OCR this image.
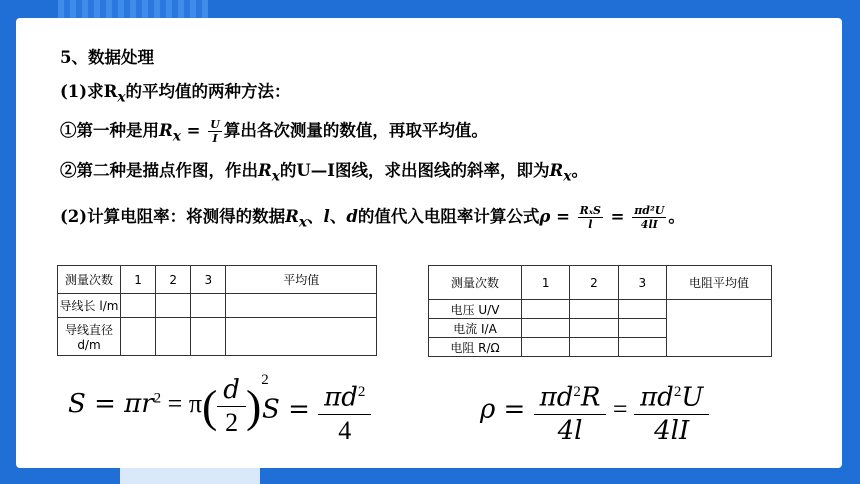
5、数据处理
(1)求$R_x$的平均值的两种方法：
①第一种是用$R_x = \frac{U}{I}$ 算出各次测量的数值，再取平均值。
②第二种是描点作图，作出$R_x$的U—I图线，求出图线的斜率，即为$R_x$。
(2)计算电阻率：将测得的数据$R_x$、l、d的值代入电阻率计算公式$\rho = \frac{\text{RₓS}}{l} = \frac{\text{πd²U}}{4lI}$ 。
测量次数	1	2	3	平均值
导线长 l/m				
导线直径 d/m				
测量次数	1	2	3	电阻平均值
电压 U/V				
电流 I/A				
电阻 R/Ω				
$S = \pi r^2 = \pi( \frac{d}{2} )^2$
$S = \frac{\pi d^2}{4}$	$\rho = \frac{\pi d^2R}{4l} = \frac{\pi d^2U}{4lI}$
